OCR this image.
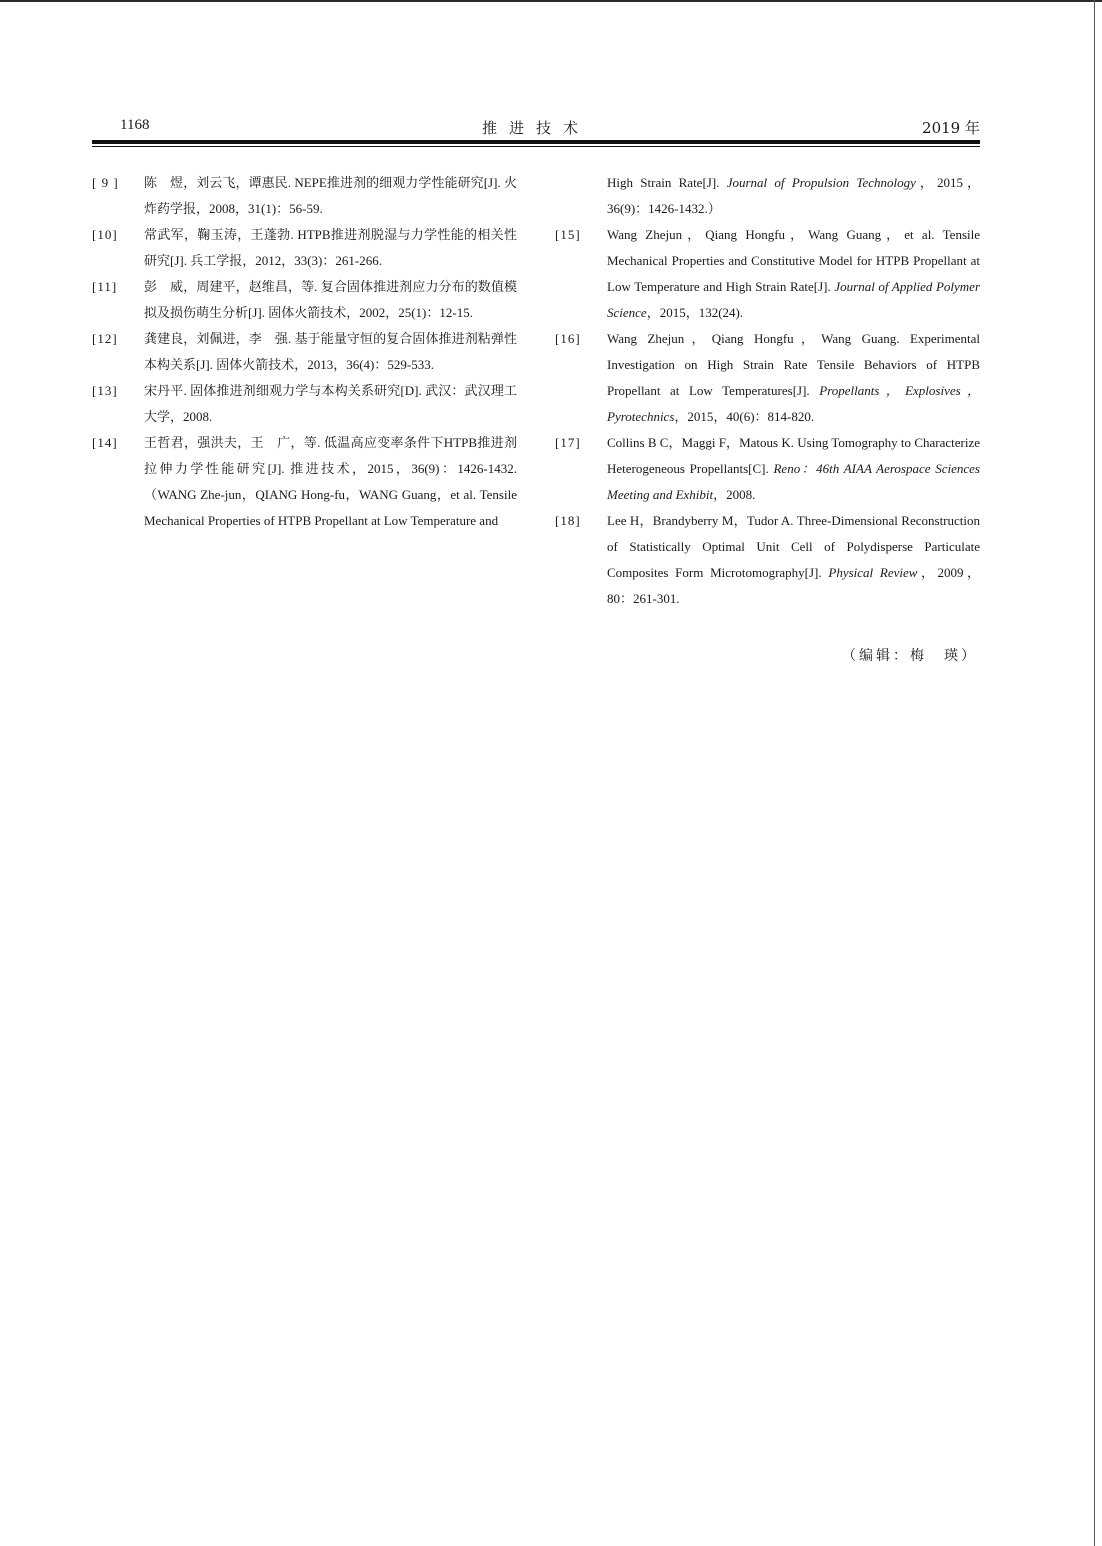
推进技术
1168	2019 年
[ 9 ]	陈　煜，刘云飞，谭惠民. NEPE推进剂的细观力学性能研究[J]. 火炸药学报，2008，31(1)：56-59.
[10]	常武军，鞠玉涛，王蓬勃. HTPB推进剂脱湿与力学性能的相关性研究[J]. 兵工学报，2012，33(3)：261-266.
[11]	彭　威，周建平，赵维昌，等. 复合固体推进剂应力分布的数值模拟及损伤萌生分析[J]. 固体火箭技术，2002，25(1)：12-15.
[12]	龚建良，刘佩进，李　强. 基于能量守恒的复合固体推进剂粘弹性本构关系[J]. 固体火箭技术，2013，36(4)：529-533.
[13]	宋丹平. 固体推进剂细观力学与本构关系研究[D]. 武汉：武汉理工大学，2008.
[14]	王哲君，强洪夫，王　广，等. 低温高应变率条件下HTPB推进剂拉伸力学性能研究[J]. 推进技术，2015，36(9)：1426-1432.（WANG Zhe-jun，QIANG Hong-fu，WANG Guang，et al. Tensile Mechanical Properties of HTPB Propellant at Low Temperature and
High Strain Rate[J]. Journal of Propulsion Technology，2015，36(9)：1426-1432.）
[15]	Wang Zhejun，Qiang Hongfu，Wang Guang，et al. Tensile Mechanical Properties and Constitutive Model for HTPB Propellant at Low Temperature and High Strain Rate[J]. Journal of Applied Polymer Science，2015，132(24).
[16]	Wang Zhejun，Qiang Hongfu，Wang Guang. Experimental Investigation on High Strain Rate Tensile Behaviors of HTPB Propellant at Low Temperatures[J]. Propellants，Explosives，Pyrotechnics，2015，40(6)：814-820.
[17]	Collins B C，Maggi F，Matous K. Using Tomography to Characterize Heterogeneous Propellants[C]. Reno：46th AIAA Aerospace Sciences Meeting and Exhibit，2008.
[18]	Lee H，Brandyberry M，Tudor A. Three-Dimensional Reconstruction of Statistically Optimal Unit Cell of Polydisperse Particulate Composites Form Microtomography[J]. Physical Review，2009，80：261-301.
（编辑：梅　瑛）
